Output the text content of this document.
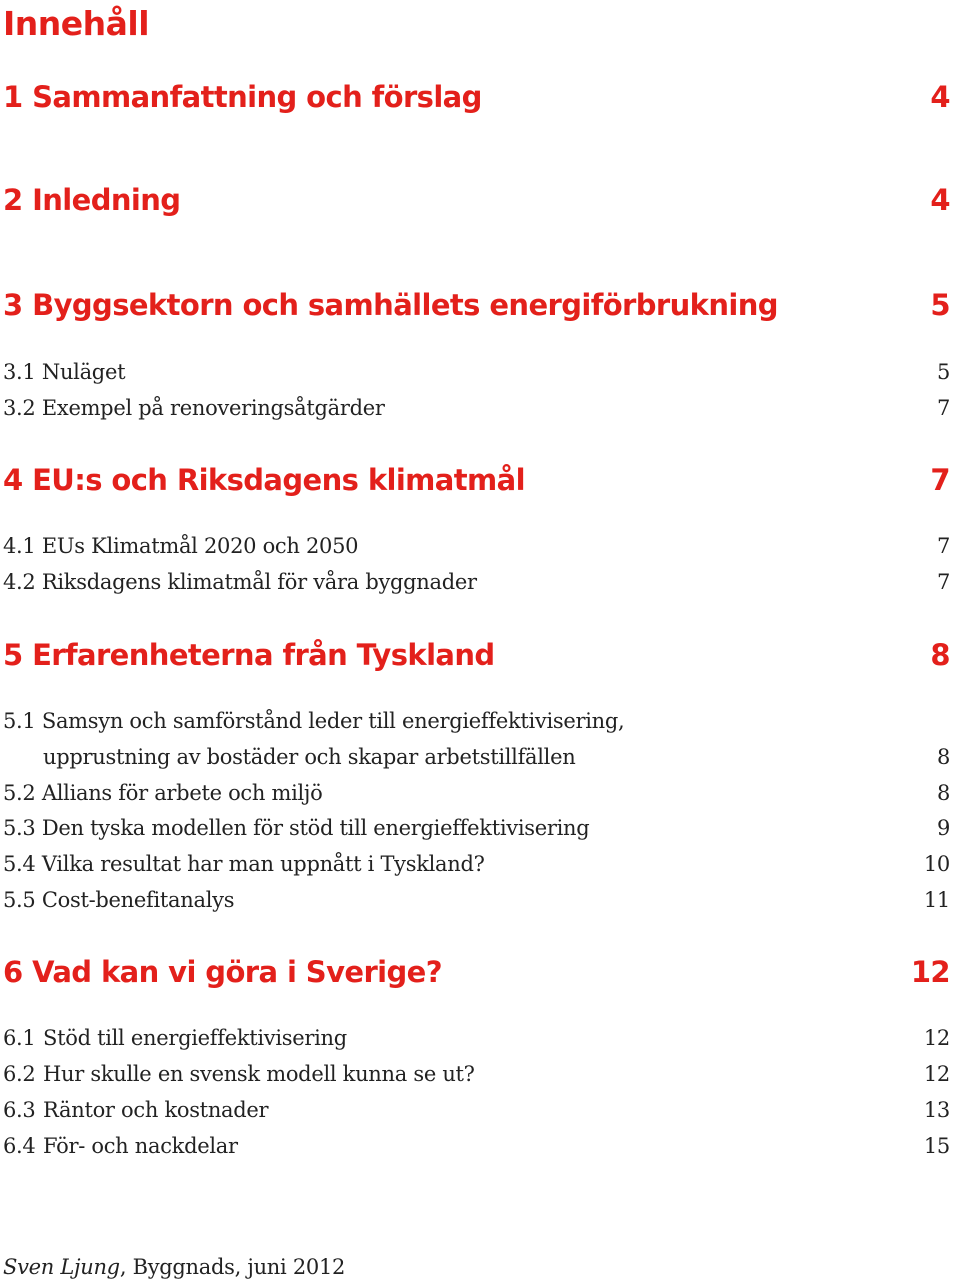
Innehåll
1 Sammanfattning och förslag	4
2 Inledning	4
3 Byggsektorn och samhällets energiförbrukning	5
3.1 Nuläget	5
3.2 Exempel på renoveringsåtgärder	7
4 EU:s och Riksdagens klimatmål	7
4.1 EUs Klimatmål 2020 och 2050	7
4.2 Riksdagens klimatmål för våra byggnader	7
5 Erfarenheterna från Tyskland	8
5.1 Samsyn och samförstånd leder till energieffektivisering,
upprustning av bostäder och skapar arbetstillfällen	8
5.2 Allians för arbete och miljö	8
5.3 Den tyska modellen för stöd till energieffektivisering	9
5.4 Vilka resultat har man uppnått i Tyskland?	10
5.5 Cost-benefitanalys	11
6 Vad kan vi göra i Sverige?	12
6.1 Stöd till energieffektivisering	12
6.2 Hur skulle en svensk modell kunna se ut?	12
6.3 Räntor och kostnader	13
6.4 För- och nackdelar	15
Sven Ljung, Byggnads, juni 2012
